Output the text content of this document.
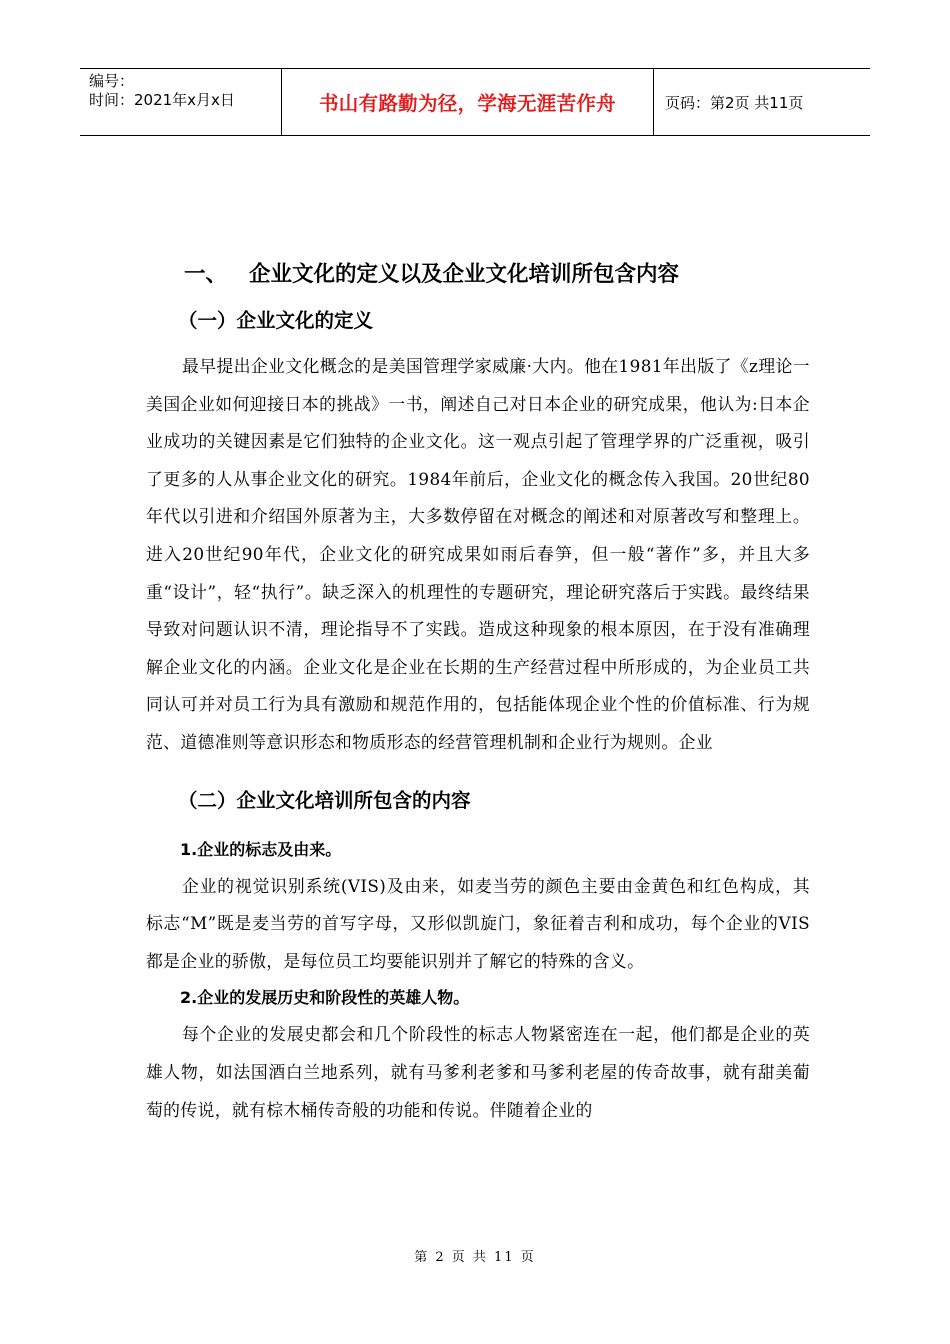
编号：
时间：2021年x月x日	书山有路勤为径，学海无涯苦作舟	页码：第2页 共11页
一、 企业文化的定义以及企业文化培训所包含内容
（一）企业文化的定义

最早提出企业文化概念的是美国管理学家威廉·大内。他在1981年出版了《z理论一美国企业如何迎接日本的挑战》一书，阐述自己对日本企业的研究成果，他认为:日本企业成功的关键因素是它们独特的企业文化。这一观点引起了管理学界的广泛重视，吸引了更多的人从事企业文化的研究。1984年前后，企业文化的概念传入我国。20世纪80年代以引进和介绍国外原著为主，大多数停留在对概念的阐述和对原著改写和整理上。进入20世纪90年代，企业文化的研究成果如雨后春笋，但一般“著作”多，并且大多重“设计”，轻“执行”。缺乏深入的机理性的专题研究，理论研究落后于实践。最终结果导致对问题认识不清，理论指导不了实践。造成这种现象的根本原因，在于没有准确理解企业文化的内涵。企业文化是企业在长期的生产经营过程中所形成的，为企业员工共同认可并对员工行为具有激励和规范作用的，包括能体现企业个性的价值标准、行为规范、道德准则等意识形态和物质形态的经营管理机制和企业行为规则。企业

（二）企业文化培训所包含的内容
1.企业的标志及由来。

企业的视觉识别系统(VIS)及由来，如麦当劳的颜色主要由金黄色和红色构成，其标志“M”既是麦当劳的首写字母，又形似凯旋门，象征着吉利和成功，每个企业的VIS都是企业的骄傲，是每位员工均要能识别并了解它的特殊的含义。

2.企业的发展历史和阶段性的英雄人物。

每个企业的发展史都会和几个阶段性的标志人物紧密连在一起，他们都是企业的英雄人物，如法国酒白兰地系列，就有马爹利老爹和马爹利老屋的传奇故事，就有甜美葡萄的传说，就有棕木桶传奇般的功能和传说。伴随着企业的

第 2 页 共 11 页
